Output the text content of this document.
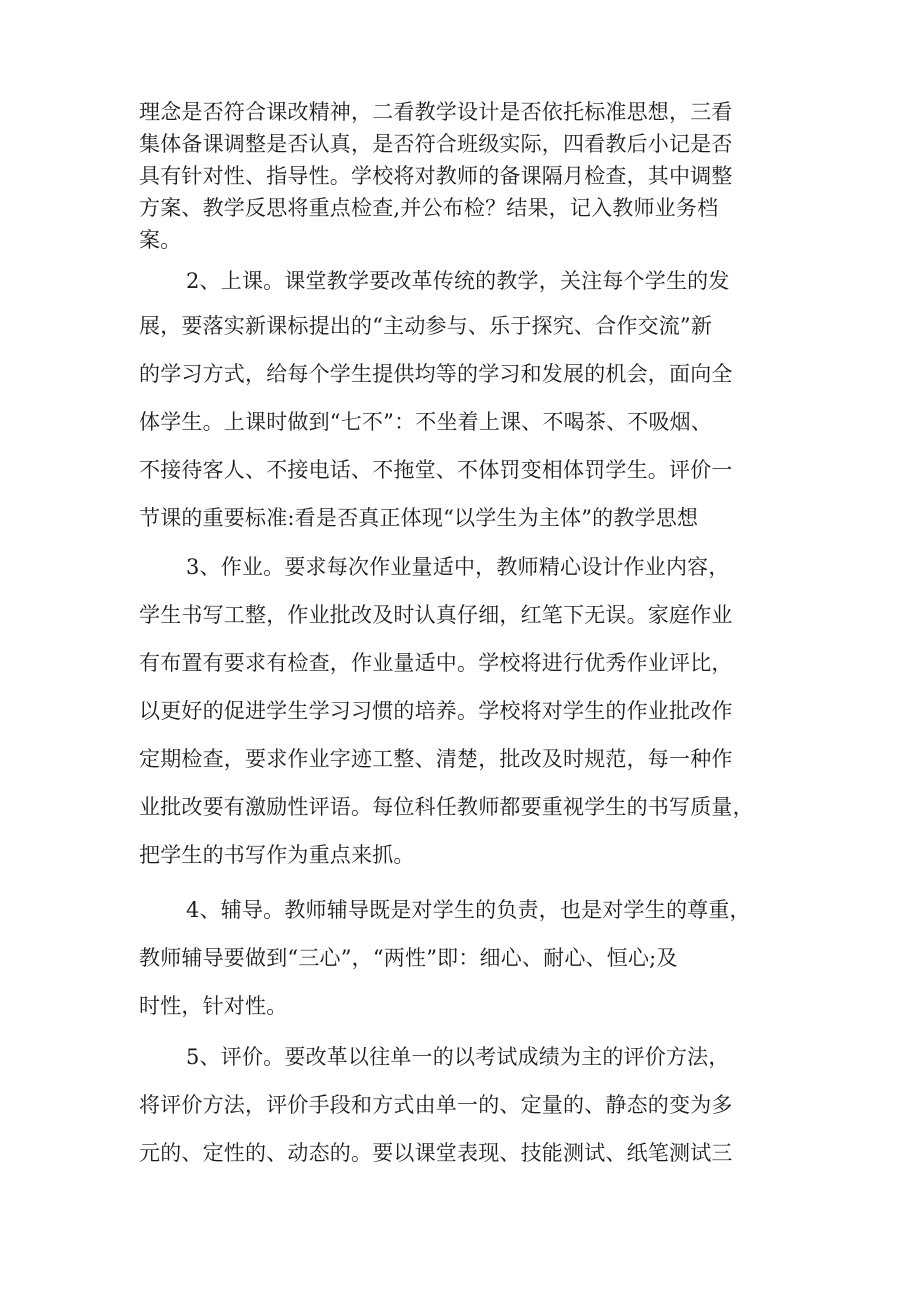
理念是否符合课改精神，二看教学设计是否依托标准思想，三看
集体备课调整是否认真，是否符合班级实际，四看教后小记是否
具有针对性、指导性。学校将对教师的备课隔月检查，其中调整
方案、教学反思将重点检查,并公布检？结果，记入教师业务档
案。
2、上课。课堂教学要改革传统的教学，关注每个学生的发
展，要落实新课标提出的“主动参与、乐于探究、合作交流”新
的学习方式，给每个学生提供均等的学习和发展的机会，面向全
体学生。上课时做到“七不”：不坐着上课、不喝茶、不吸烟、
不接待客人、不接电话、不拖堂、不体罚变相体罚学生。评价一
节课的重要标准:看是否真正体现“以学生为主体”的教学思想
3、作业。要求每次作业量适中，教师精心设计作业内容，
学生书写工整，作业批改及时认真仔细，红笔下无误。家庭作业
有布置有要求有检查，作业量适中。学校将进行优秀作业评比，
以更好的促进学生学习习惯的培养。学校将对学生的作业批改作
定期检查，要求作业字迹工整、清楚，批改及时规范，每一种作
业批改要有激励性评语。每位科任教师都要重视学生的书写质量，
把学生的书写作为重点来抓。
4、辅导。教师辅导既是对学生的负责，也是对学生的尊重，
教师辅导要做到“三心”，“两性”即：细心、耐心、恒心;及
时性，针对性。
5、评价。要改革以往单一的以考试成绩为主的评价方法，
将评价方法，评价手段和方式由单一的、定量的、静态的变为多
元的、定性的、动态的。要以课堂表现、技能测试、纸笔测试三
